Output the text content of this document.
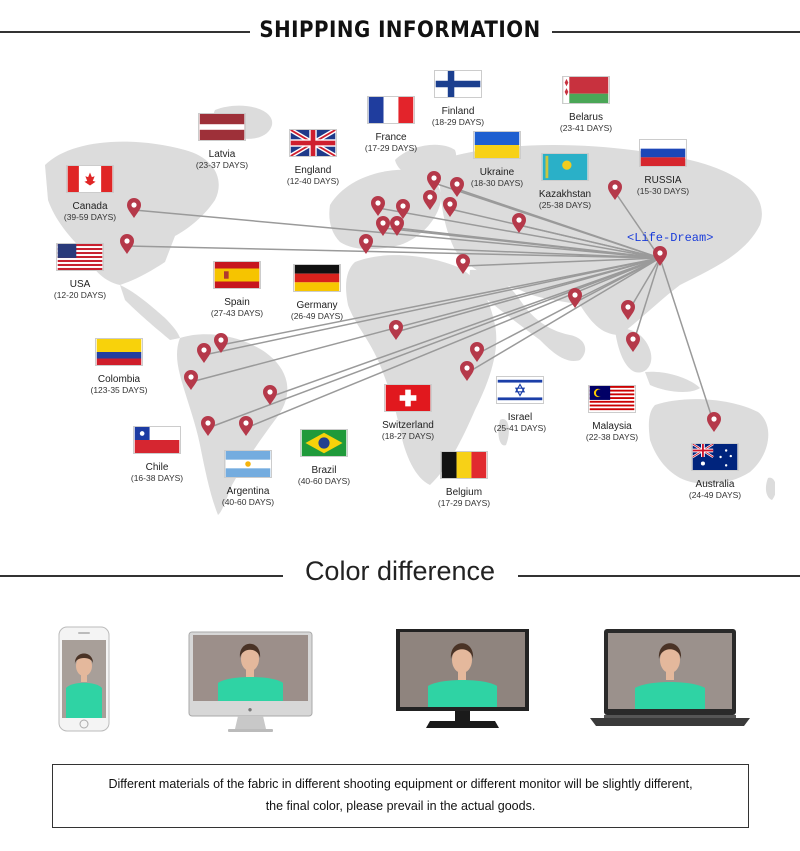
SHIPPING INFORMATION
<Life-Dream>
Canada
(39-59 DAYS)
USA
(12-20 DAYS)
Latvia
(23-37 DAYS)
England
(12-40 DAYS)
France
(17-29 DAYS)
Finland
(18-29 DAYS)	Belarus
(23-41 DAYS)
Ukraine
(18-30 DAYS)
Kazakhstan
(25-38 DAYS)
RUSSIA
(15-30 DAYS)
Spain
(27-43 DAYS)
Germany
(26-49 DAYS)
Colombia
(123-35 DAYS)
Chile
(16-38 DAYS)
Argentina
(40-60 DAYS)
Brazil
(40-60 DAYS)
Switzerland
(18-27 DAYS)
Israel
(25-41 DAYS)
Belgium
(17-29 DAYS)
Malaysia
(22-38 DAYS)
Australia
(24-49 DAYS)
Color difference
●

Different materials of the fabric in different shooting equipment or different monitor will be slightly different,

the final color, please prevail in the actual goods.
